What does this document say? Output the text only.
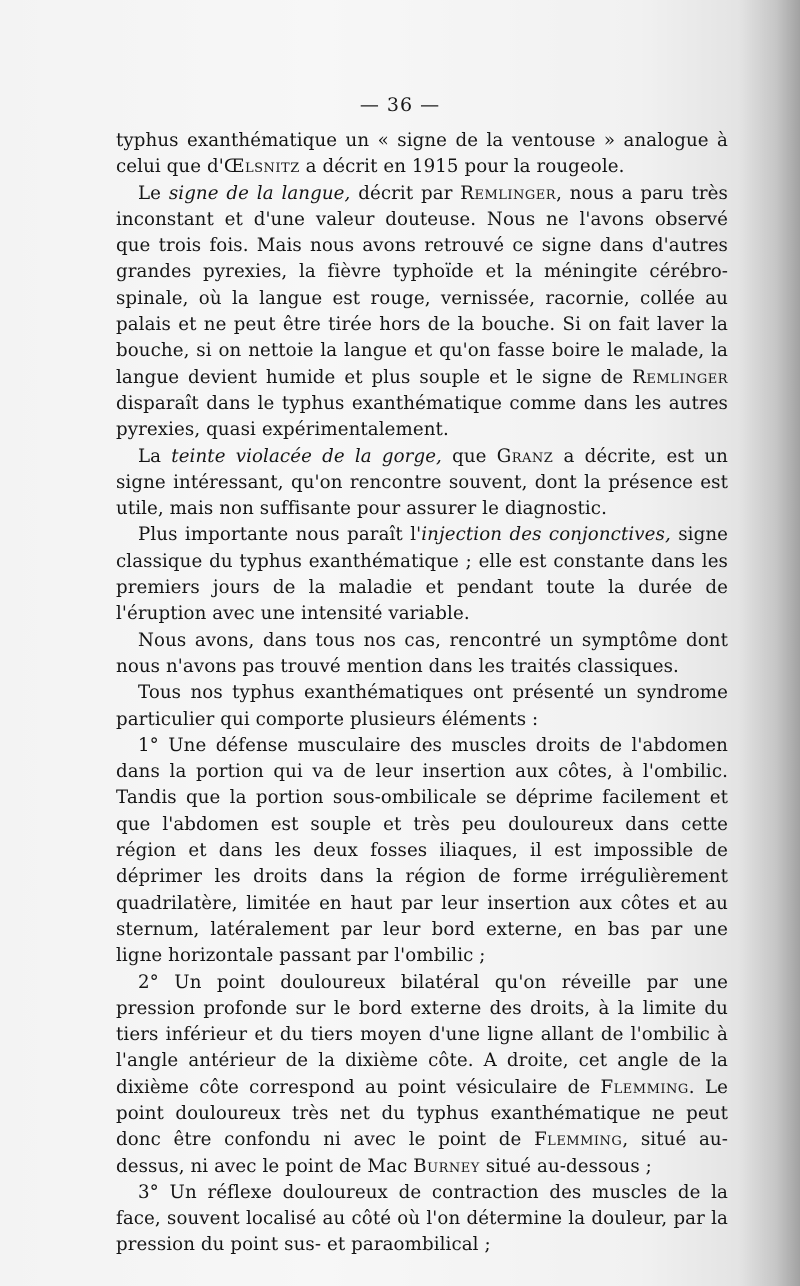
— 36 —

typhus exanthématique un « signe de la ventouse » analogue à celui que d'Œlsnitz a décrit en 1915 pour la rougeole.

Le signe de la langue, décrit par Remlinger, nous a paru très inconstant et d'une valeur douteuse. Nous ne l'avons observé que trois fois. Mais nous avons retrouvé ce signe dans d'autres grandes pyrexies, la fièvre typhoïde et la méningite cérébro-spinale, où la langue est rouge, vernissée, racornie, collée au palais et ne peut être tirée hors de la bouche. Si on fait laver la bouche, si on nettoie la langue et qu'on fasse boire le malade, la langue devient humide et plus souple et le signe de Remlinger disparaît dans le typhus exanthématique comme dans les autres pyrexies, quasi expérimentalement.

La teinte violacée de la gorge, que Granz a décrite, est un signe intéressant, qu'on rencontre souvent, dont la présence est utile, mais non suffisante pour assurer le diagnostic.

Plus importante nous paraît l'injection des conjonctives, signe classique du typhus exanthématique ; elle est constante dans les premiers jours de la maladie et pendant toute la durée de l'éruption avec une intensité variable.

Nous avons, dans tous nos cas, rencontré un symptôme dont nous n'avons pas trouvé mention dans les traités classiques.

Tous nos typhus exanthématiques ont présenté un syndrome particulier qui comporte plusieurs éléments :

1° Une défense musculaire des muscles droits de l'abdomen dans la portion qui va de leur insertion aux côtes, à l'ombilic. Tandis que la portion sous-ombilicale se déprime facilement et que l'abdomen est souple et très peu douloureux dans cette région et dans les deux fosses iliaques, il est impossible de déprimer les droits dans la région de forme irrégulièrement quadrilatère, limitée en haut par leur insertion aux côtes et au sternum, latéralement par leur bord externe, en bas par une ligne horizontale passant par l'ombilic ;

2° Un point douloureux bilatéral qu'on réveille par une pression profonde sur le bord externe des droits, à la limite du tiers inférieur et du tiers moyen d'une ligne allant de l'ombilic à l'angle antérieur de la dixième côte. A droite, cet angle de la dixième côte correspond au point vésiculaire de Flemming. Le point douloureux très net du typhus exanthématique ne peut donc être confondu ni avec le point de Flemming, situé au-dessus, ni avec le point de Mac Burney situé au-dessous ;

3° Un réflexe douloureux de contraction des muscles de la face, souvent localisé au côté où l'on détermine la douleur, par la pression du point sus- et paraombilical ;
